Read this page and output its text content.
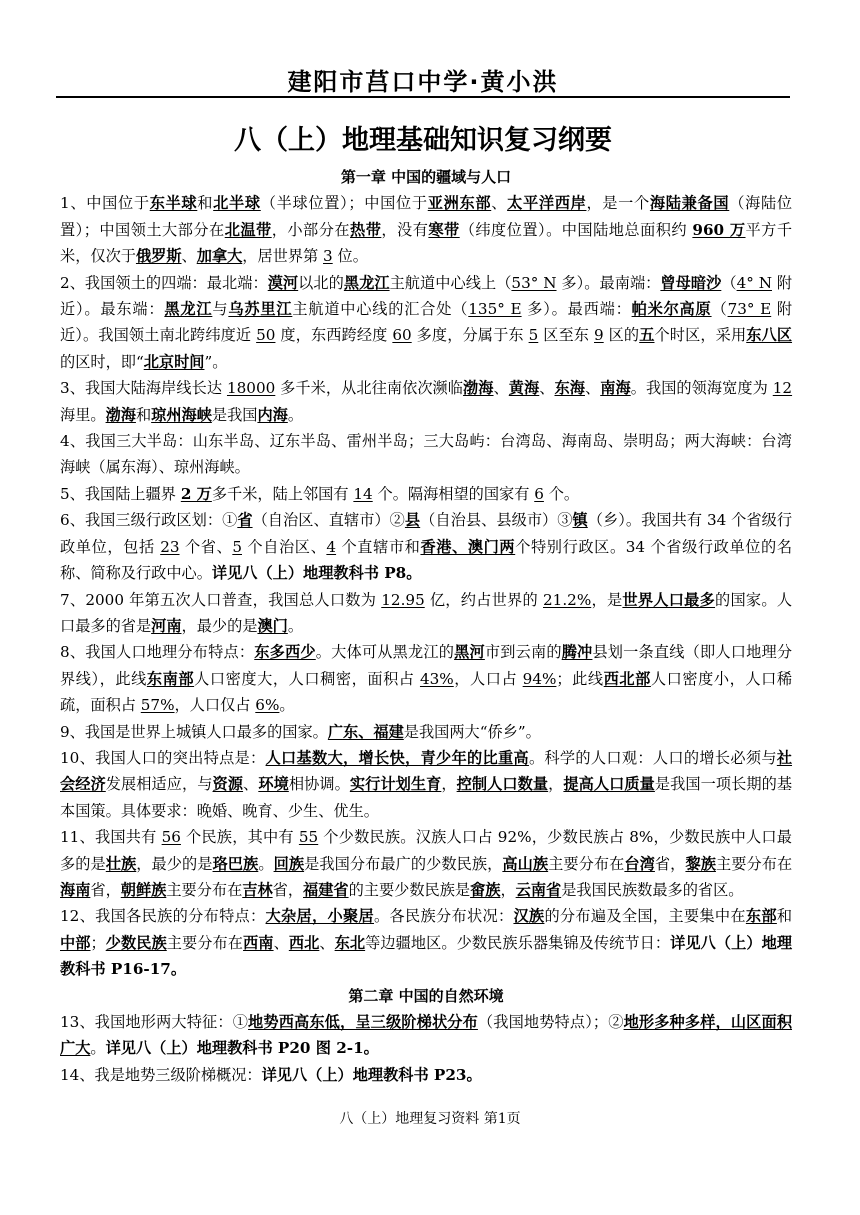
建阳市莒口中学·黄小洪
八（上）地理基础知识复习纲要
第一章 中国的疆域与人口
1、中国位于东半球和北半球（半球位置）；中国位于亚洲东部、太平洋西岸，是一个海陆兼备国（海陆位置）；中国领土大部分在北温带，小部分在热带，没有寒带（纬度位置）。中国陆地总面积约 960 万平方千米，仅次于俄罗斯、加拿大，居世界第 3 位。
2、我国领土的四端：最北端：漠河以北的黑龙江主航道中心线上（53° N 多）。最南端：曾母暗沙（4° N 附近）。最东端：黑龙江与乌苏里江主航道中心线的汇合处（135° E 多）。最西端：帕米尔高原（73° E 附近）。我国领土南北跨纬度近 50 度，东西跨经度 60 多度，分属于东 5 区至东 9 区的五个时区，采用东八区的区时，即“北京时间”。
3、我国大陆海岸线长达 18000 多千米，从北往南依次濒临渤海、黄海、东海、南海。我国的领海宽度为 12 海里。渤海和琼州海峡是我国内海。
4、我国三大半岛：山东半岛、辽东半岛、雷州半岛；三大岛屿：台湾岛、海南岛、崇明岛；两大海峡：台湾海峡（属东海）、琼州海峡。
5、我国陆上疆界 2 万多千米，陆上邻国有 14 个。隔海相望的国家有 6 个。
6、我国三级行政区划：①省（自治区、直辖市）②县（自治县、县级市）③镇（乡）。我国共有 34 个省级行政单位，包括 23 个省、5 个自治区、4 个直辖市和香港、澳门两个特别行政区。34 个省级行政单位的名称、简称及行政中心。详见八（上）地理教科书 P8。
7、2000 年第五次人口普查，我国总人口数为 12.95 亿，约占世界的 21.2%，是世界人口最多的国家。人口最多的省是河南，最少的是澳门。
8、我国人口地理分布特点：东多西少。大体可从黑龙江的黑河市到云南的腾冲县划一条直线（即人口地理分界线），此线东南部人口密度大，人口稠密，面积占 43%，人口占 94%；此线西北部人口密度小，人口稀疏，面积占 57%，人口仅占 6%。
9、我国是世界上城镇人口最多的国家。广东、福建是我国两大“侨乡”。
10、我国人口的突出特点是：人口基数大，增长快，青少年的比重高。科学的人口观：人口的增长必须与社会经济发展相适应，与资源、环境相协调。实行计划生育，控制人口数量，提高人口质量是我国一项长期的基本国策。具体要求：晚婚、晚育、少生、优生。
11、我国共有 56 个民族，其中有 55 个少数民族。汉族人口占 92%，少数民族占 8%，少数民族中人口最多的是壮族，最少的是珞巴族。回族是我国分布最广的少数民族，高山族主要分布在台湾省，黎族主要分布在海南省，朝鲜族主要分布在吉林省，福建省的主要少数民族是畲族，云南省是我国民族数最多的省区。
12、我国各民族的分布特点：大杂居，小聚居。各民族分布状况：汉族的分布遍及全国，主要集中在东部和中部；少数民族主要分布在西南、西北、东北等边疆地区。少数民族乐器集锦及传统节日：详见八（上）地理教科书 P16-17。
第二章 中国的自然环境
13、我国地形两大特征：①地势西高东低，呈三级阶梯状分布（我国地势特点）；②地形多种多样，山区面积广大。详见八（上）地理教科书 P20 图 2-1。
14、我是地势三级阶梯概况：详见八（上）地理教科书 P23。
八（上）地理复习资料 第1页
